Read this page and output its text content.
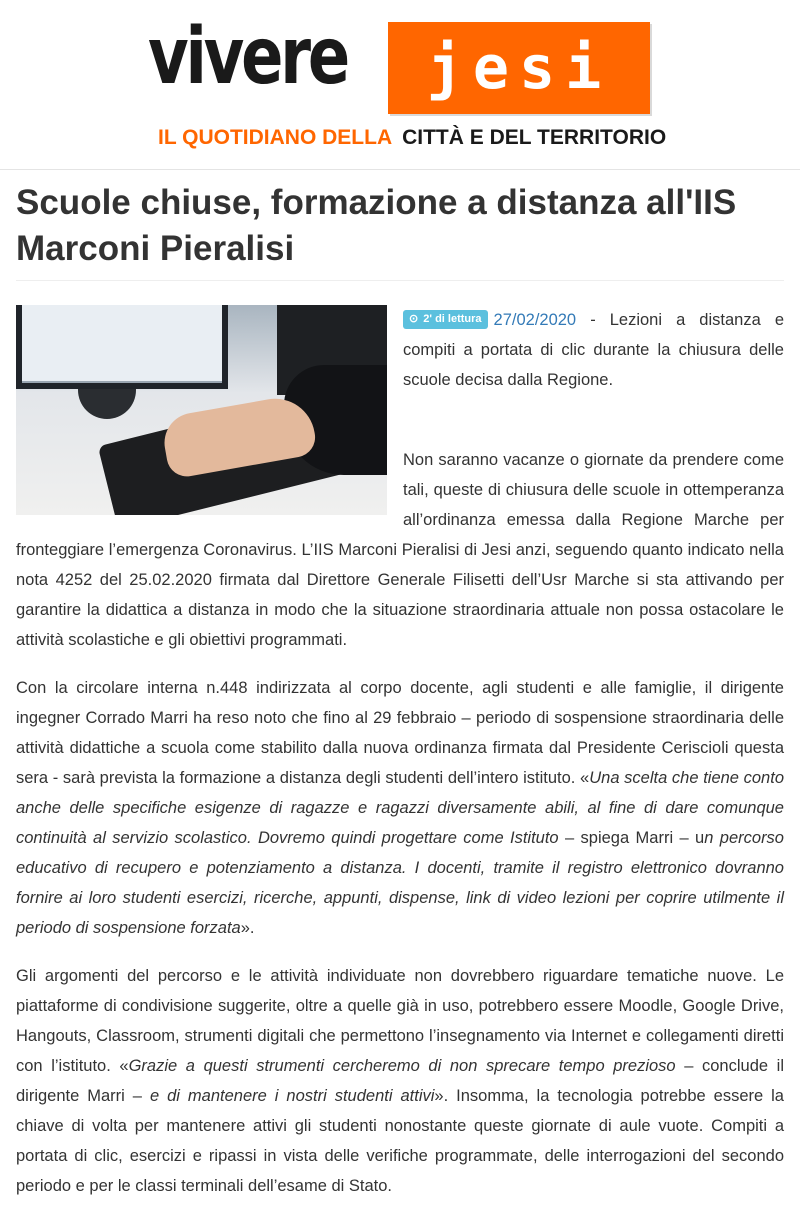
vivere	jesi
IL QUOTIDIANO DELLA CITTÀ E DEL TERRITORIO
Scuole chiuse, formazione a distanza all'IIS Marconi Pieralisi

⊙ 2' di lettura 27/02/2020 - Lezioni a distanza e compiti a portata di clic durante la chiusura delle scuole decisa dalla Regione.

Non saranno vacanze o giornate da prendere come tali, queste di chiusura delle scuole in ottemperanza all’ordinanza emessa dalla Regione Marche per fronteggiare l’emergenza Coronavirus. L’IIS Marconi Pieralisi di Jesi anzi, seguendo quanto indicato nella nota 4252 del 25.02.2020 firmata dal Direttore Generale Filisetti dell’Usr Marche si sta attivando per garantire la didattica a distanza in modo che la situazione straordinaria attuale non possa ostacolare le attività scolastiche e gli obiettivi programmati.

Con la circolare interna n.448 indirizzata al corpo docente, agli studenti e alle famiglie, il dirigente ingegner Corrado Marri ha reso noto che fino al 29 febbraio – periodo di sospensione straordinaria delle attività didattiche a scuola come stabilito dalla nuova ordinanza firmata dal Presidente Ceriscioli questa sera - sarà prevista la formazione a distanza degli studenti dell’intero istituto. «Una scelta che tiene conto anche delle specifiche esigenze di ragazze e ragazzi diversamente abili, al fine di dare comunque continuità al servizio scolastico. Dovremo quindi progettare come Istituto – spiega Marri – un percorso educativo di recupero e potenziamento a distanza. I docenti, tramite il registro elettronico dovranno fornire ai loro studenti esercizi, ricerche, appunti, dispense, link di video lezioni per coprire utilmente il periodo di sospensione forzata».

Gli argomenti del percorso e le attività individuate non dovrebbero riguardare tematiche nuove. Le piattaforme di condivisione suggerite, oltre a quelle già in uso, potrebbero essere Moodle, Google Drive, Hangouts, Classroom, strumenti digitali che permettono l’insegnamento via Internet e collegamenti diretti con l’istituto. «Grazie a questi strumenti cercheremo di non sprecare tempo prezioso – conclude il dirigente Marri – e di mantenere i nostri studenti attivi». Insomma, la tecnologia potrebbe essere la chiave di volta per mantenere attivi gli studenti nonostante queste giornate di aule vuote. Compiti a portata di clic, esercizi e ripassi in vista delle verifiche programmate, delle interrogazioni del secondo periodo e per le classi terminali dell’esame di Stato.
